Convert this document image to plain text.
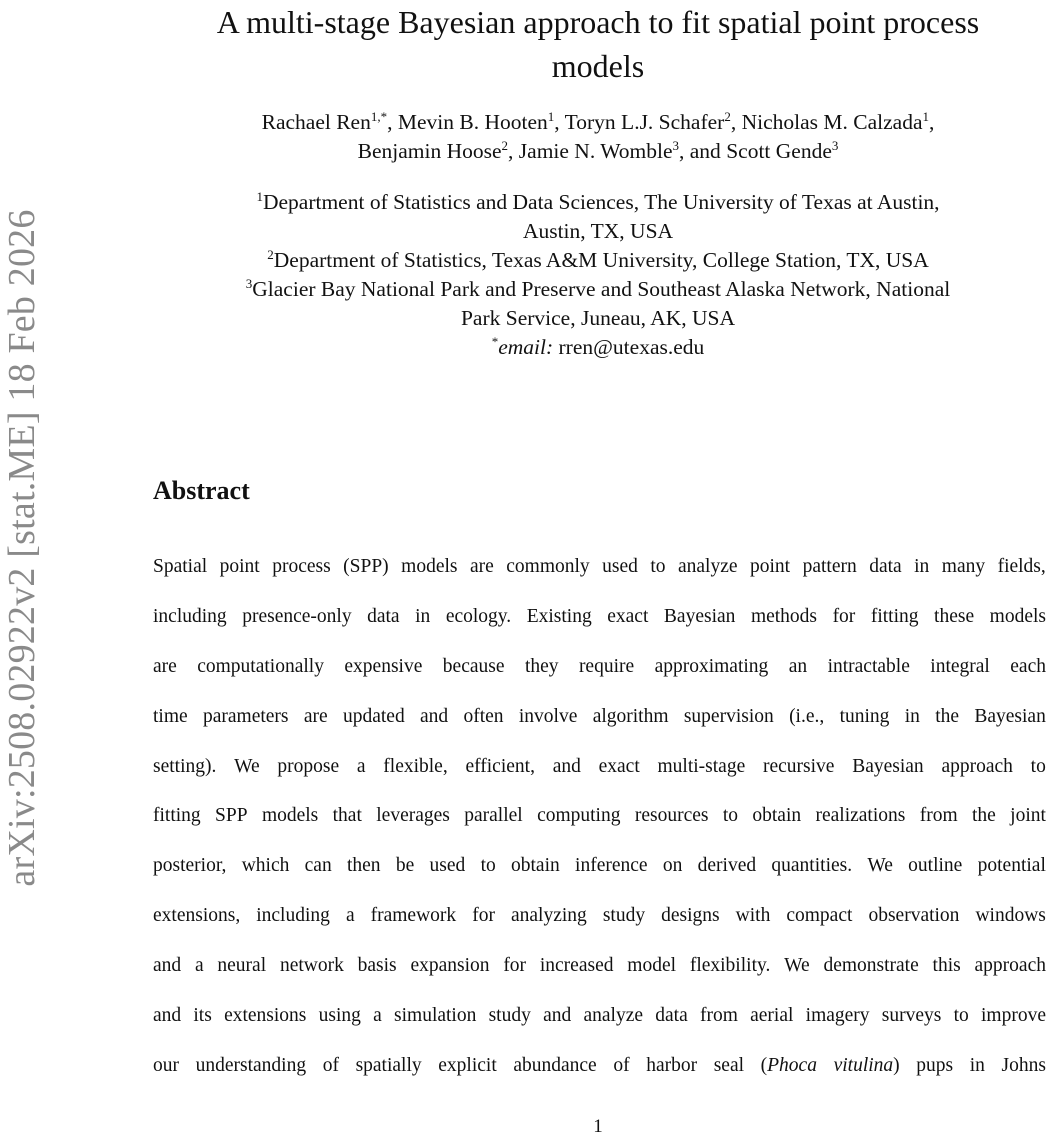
arXiv:2508.02922v2 [stat.ME] 18 Feb 2026
A multi-stage Bayesian approach to fit spatial point process
models
Rachael Ren$^{1,*}$, Mevin B. Hooten$^1$, Toryn L.J. Schafer$^2$, Nicholas M. Calzada$^1$,
Benjamin Hoose$^2$, Jamie N. Womble$^3$, and Scott Gende$^3$
$^1$Department of Statistics and Data Sciences, The University of Texas at Austin,
Austin, TX, USA
$^2$Department of Statistics, Texas A&M University, College Station, TX, USA
$^3$Glacier Bay National Park and Preserve and Southeast Alaska Network, National
Park Service, Juneau, AK, USA
*email: rren@utexas.edu
Abstract
Spatial point process (SPP) models are commonly used to analyze point pattern data in many fields,
including presence-only data in ecology. Existing exact Bayesian methods for fitting these models
are computationally expensive because they require approximating an intractable integral each
time parameters are updated and often involve algorithm supervision (i.e., tuning in the Bayesian
setting). We propose a flexible, efficient, and exact multi-stage recursive Bayesian approach to
fitting SPP models that leverages parallel computing resources to obtain realizations from the joint
posterior, which can then be used to obtain inference on derived quantities. We outline potential
extensions, including a framework for analyzing study designs with compact observation windows
and a neural network basis expansion for increased model flexibility. We demonstrate this approach
and its extensions using a simulation study and analyze data from aerial imagery surveys to improve
our understanding of spatially explicit abundance of harbor seal (Phoca vitulina) pups in Johns
1
